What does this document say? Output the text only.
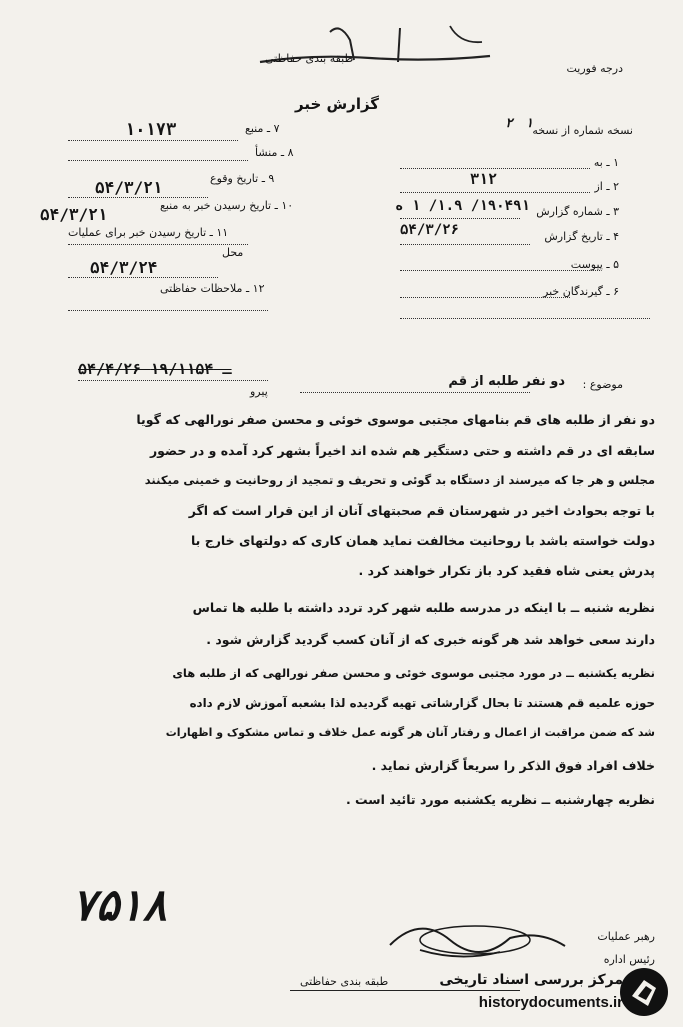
درجه فوریت
طبقه بندی حفاظتی
گزارش خبر
نسخه شماره از نسخه
۲   ۱
۱ ـ به
۲ ـ از
۳۱۲
۳ ـ شماره گزارش
۱۹۰۴۹۱/ ۱.۹/ ۱ ه
۴ ـ تاریخ گزارش
۵۴/۳/۲۶
۵ ـ پیوست
۶ ـ گیرندگان خبر
۷ ـ منبع
۱۰۱۷۳
۸ ـ منشأ
۹ ـ تاریخ وقوع
۵۴/۳/۲۱
۱۰ ـ تاریخ رسیدن خبر به منبع
۵۴/۳/۲۱
۱۱ ـ تاریخ رسیدن خبر برای عملیات
محل
۵۴/۳/۲۴
۱۲ ـ ملاحظات حفاظتی
۵۴/۴/۲۶ ـ ۱۹/۱۱۵۴
پیرو
موضوع :
دو نفر طلبه از قم
دو نفر از طلبه های قم بنامهای مجتبی موسوی خوئی و محسن صفر نورالهی که گویا
سابقه ای در قم داشته و حتی دستگیر هم شده اند اخیراً بشهر کرد آمده و در حضور
مجلس و هر جا که میرسند از دستگاه بد گوئی و تحریف و تمجید از روحانیت و خمینی میکنند
با توجه بحوادث اخیر در شهرستان قم صحبتهای آنان از این قرار است که اگر
دولت خواسته باشد با روحانیت مخالفت نماید همان کاری که دولتهای خارج با
پدرش یعنی شاه فقید کرد باز تکرار خواهند کرد .
نظریه شنبه ــ با اینکه در مدرسه طلبه شهر کرد تردد داشته با طلبه ها تماس
دارند سعی خواهد شد هر گونه خبری که از آنان کسب گردید گزارش شود .
نظریه یکشنبه ــ در مورد مجتبی موسوی خوئی و محسن صفر نورالهی که از طلبه های
حوزه علمیه قم هستند تا بحال گزارشاتی تهیه گردیده لذا بشعبه آموزش لازم داده
شد که ضمن مراقبت از اعمال و رفتار آنان هر گونه عمل خلاف و تماس مشکوک و اظهارات
خلاف افراد فوق الذکر را سریعاً گزارش نماید .
نظریه چهارشنبه ــ نظریه یکشنبه مورد تائید است .
۷۵۱۸
رهبر عملیات
رئیس اداره
طبقه بندی حفاظتی	مرکز بررسی اسناد تاریخی
historydocuments.ir
